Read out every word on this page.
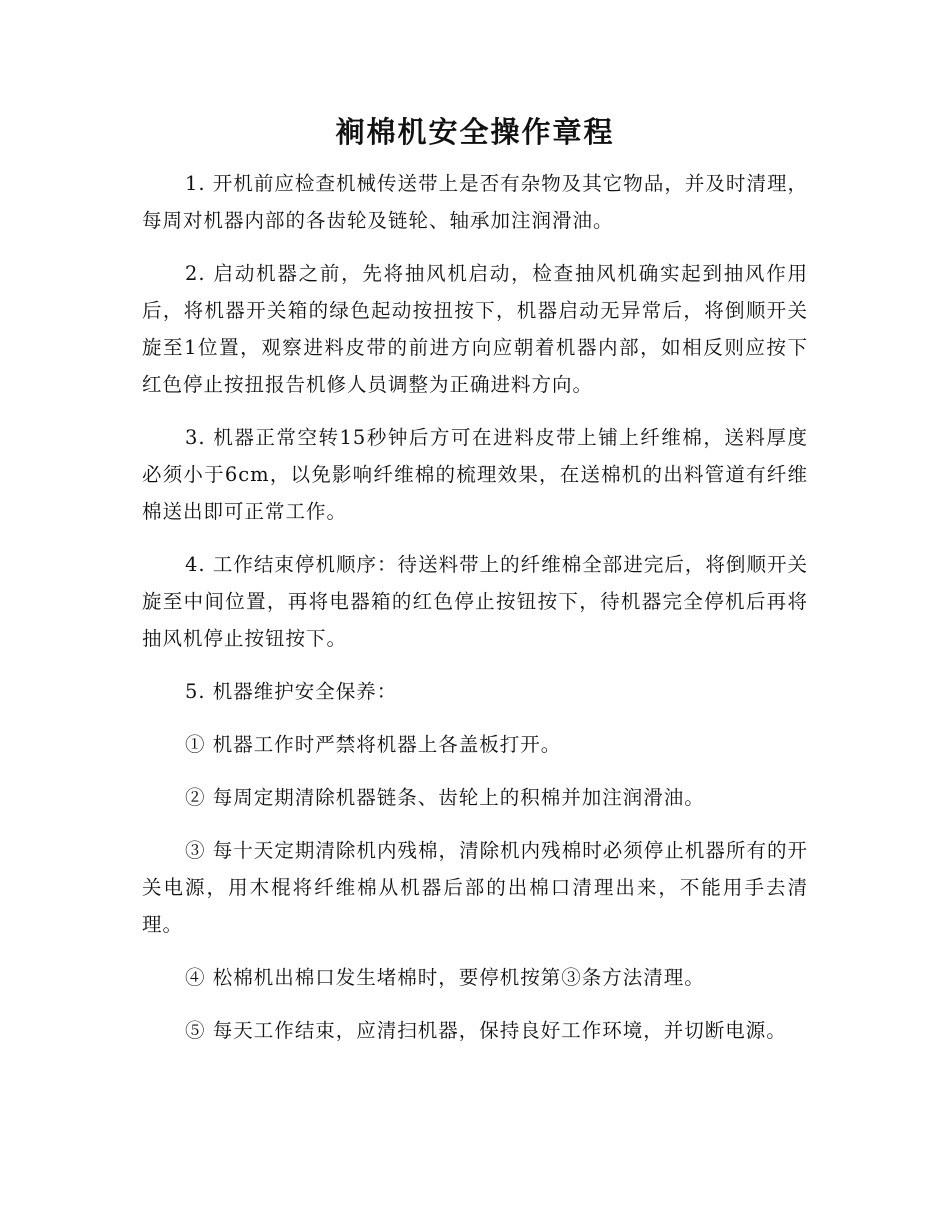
裥棉机安全操作章程

1. 开机前应检查机械传送带上是否有杂物及其它物品，并及时清理，每周对机器内部的各齿轮及链轮、轴承加注润滑油。

2. 启动机器之前，先将抽风机启动，检查抽风机确实起到抽风作用后，将机器开关箱的绿色起动按扭按下，机器启动无异常后，将倒顺开关旋至1位置，观察进料皮带的前进方向应朝着机器内部，如相反则应按下红色停止按扭报告机修人员调整为正确进料方向。

3. 机器正常空转15秒钟后方可在进料皮带上铺上纤维棉，送料厚度必须小于6cm，以免影响纤维棉的梳理效果，在送棉机的出料管道有纤维棉送出即可正常工作。

4. 工作结束停机顺序：待送料带上的纤维棉全部进完后，将倒顺开关旋至中间位置，再将电器箱的红色停止按钮按下，待机器完全停机后再将抽风机停止按钮按下。

5. 机器维护安全保养：

① 机器工作时严禁将机器上各盖板打开。

② 每周定期清除机器链条、齿轮上的积棉并加注润滑油。

③ 每十天定期清除机内残棉，清除机内残棉时必须停止机器所有的开关电源，用木棍将纤维棉从机器后部的出棉口清理出来，不能用手去清理。

④ 松棉机出棉口发生堵棉时，要停机按第③条方法清理。

⑤ 每天工作结束，应清扫机器，保持良好工作环境，并切断电源。
